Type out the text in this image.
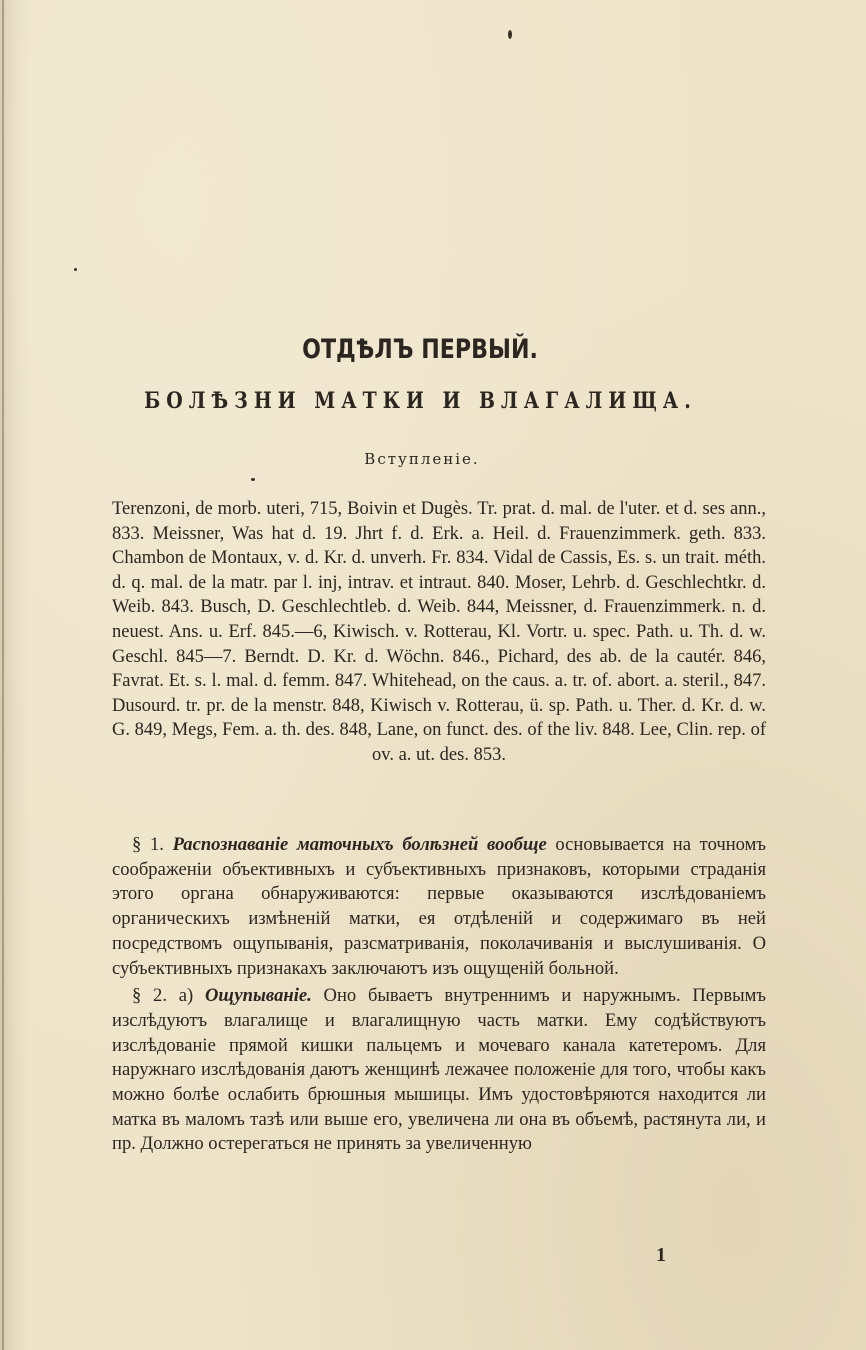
ОТДѢЛЪ ПЕРВЫЙ.
БОЛѢЗНИ МАТКИ И ВЛАГАЛИЩА.
Вступленіе.
Terenzoni, de morb. uteri, 715, Boivin et Dugès. Tr. prat. d. mal. de l'uter. et d. ses ann., 833. Meissner, Was hat d. 19. Jhrt f. d. Erk. a. Heil. d. Frauenzimmerk. geth. 833. Chambon de Montaux, v. d. Kr. d. unverh. Fr. 834. Vidal de Cassis, Es. s. un trait. méth. d. q. mal. de la matr. par l. inj, intrav. et intraut. 840. Moser, Lehrb. d. Geschlechtkr. d. Weib. 843. Busch, D. Geschlechtleb. d. Weib. 844, Meissner, d. Frauenzimmerk. n. d. neuest. Ans. u. Erf. 845.—6, Kiwisch. v. Rotterau, Kl. Vortr. u. spec. Path. u. Th. d. w. Geschl. 845—7. Berndt. D. Kr. d. Wöchn. 846., Pichard, des ab. de la cautér. 846, Favrat. Et. s. l. mal. d. femm. 847. Whitehead, on the caus. a. tr. of. abort. a. steril., 847. Dusourd. tr. pr. de la menstr. 848, Kiwisch v. Rotterau, ü. sp. Path. u. Ther. d. Kr. d. w. G. 849, Megs, Fem. a. th. des. 848, Lane, on funct. des. of the liv. 848. Lee, Clin. rep. of ov. a. ut. des. 853.

§ 1. Распознаваніе маточныхъ болѣзней вообще основывается на точномъ соображеніи объективныхъ и субъективныхъ признаковъ, которыми страданія этого органа обнаруживаются: первые оказываются изслѣдованіемъ органическихъ измѣненій матки, ея отдѣленій и содержимаго въ ней посредствомъ ощупыванія, разсматриванія, поколачиванія и выслушиванія. О субъективныхъ признакахъ заключаютъ изъ ощущеній больной.

§ 2. a) Ощупываніе. Оно бываетъ внутреннимъ и наружнымъ. Первымъ изслѣдуютъ влагалище и влагалищную часть матки. Ему содѣйствуютъ изслѣдованіе прямой кишки пальцемъ и мочеваго канала катетеромъ. Для наружнаго изслѣдованія даютъ женщинѣ лежачее положеніе для того, чтобы какъ можно болѣе ослабить брюшныя мышицы. Имъ удостовѣряются находится ли матка въ маломъ тазѣ или выше его, увеличена ли она въ объемѣ, растянута ли, и пр. Должно остерегаться не принять за увеличенную

1
